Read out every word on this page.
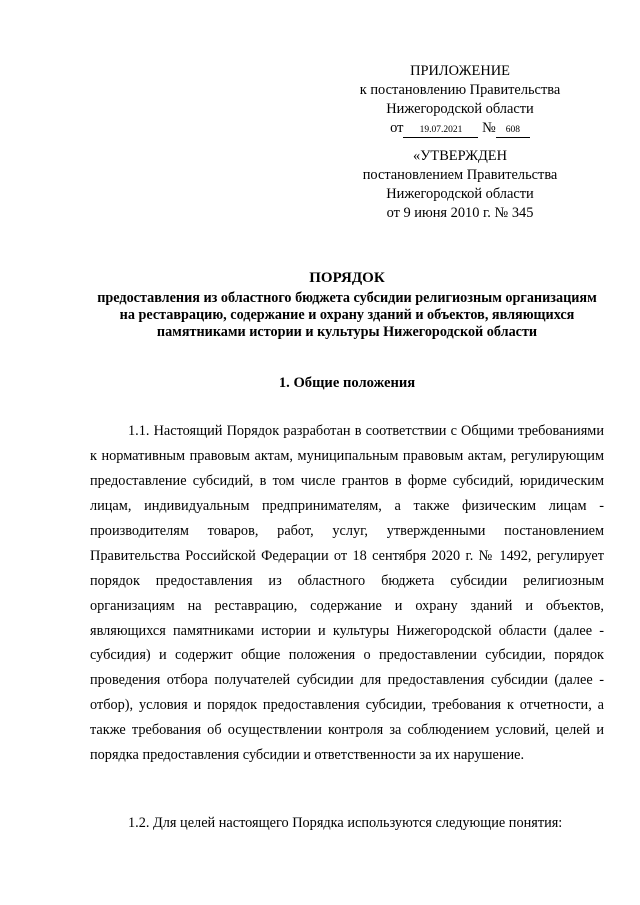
ПРИЛОЖЕНИЕ
к постановлению Правительства
Нижегородской области
от 19.07.2021 № 608
«УТВЕРЖДЕН
постановлением Правительства
Нижегородской области
от 9 июня 2010 г. № 345
ПОРЯДОК
предоставления из областного бюджета субсидии религиозным организациям на реставрацию, содержание и охрану зданий и объектов, являющихся памятниками истории и культуры Нижегородской области
1. Общие положения

1.1. Настоящий Порядок разработан в соответствии с Общими требованиями к нормативным правовым актам, муниципальным правовым актам, регулирующим предоставление субсидий, в том числе грантов в форме субсидий, юридическим лицам, индивидуальным предпринимателям, а также физическим лицам - производителям товаров, работ, услуг, утвержденными постановлением Правительства Российской Федерации от 18 сентября 2020 г. № 1492, регулирует порядок предоставления из областного бюджета субсидии религиозным организациям на реставрацию, содержание и охрану зданий и объектов, являющихся памятниками истории и культуры Нижегородской области (далее - субсидия) и содержит общие положения о предоставлении субсидии, порядок проведения отбора получателей субсидии для предоставления субсидии (далее - отбор), условия и порядок предоставления субсидии, требования к отчетности, а также требования об осуществлении контроля за соблюдением условий, целей и порядка предоставления субсидии и ответственности за их нарушение.

1.2. Для целей настоящего Порядка используются следующие понятия:
